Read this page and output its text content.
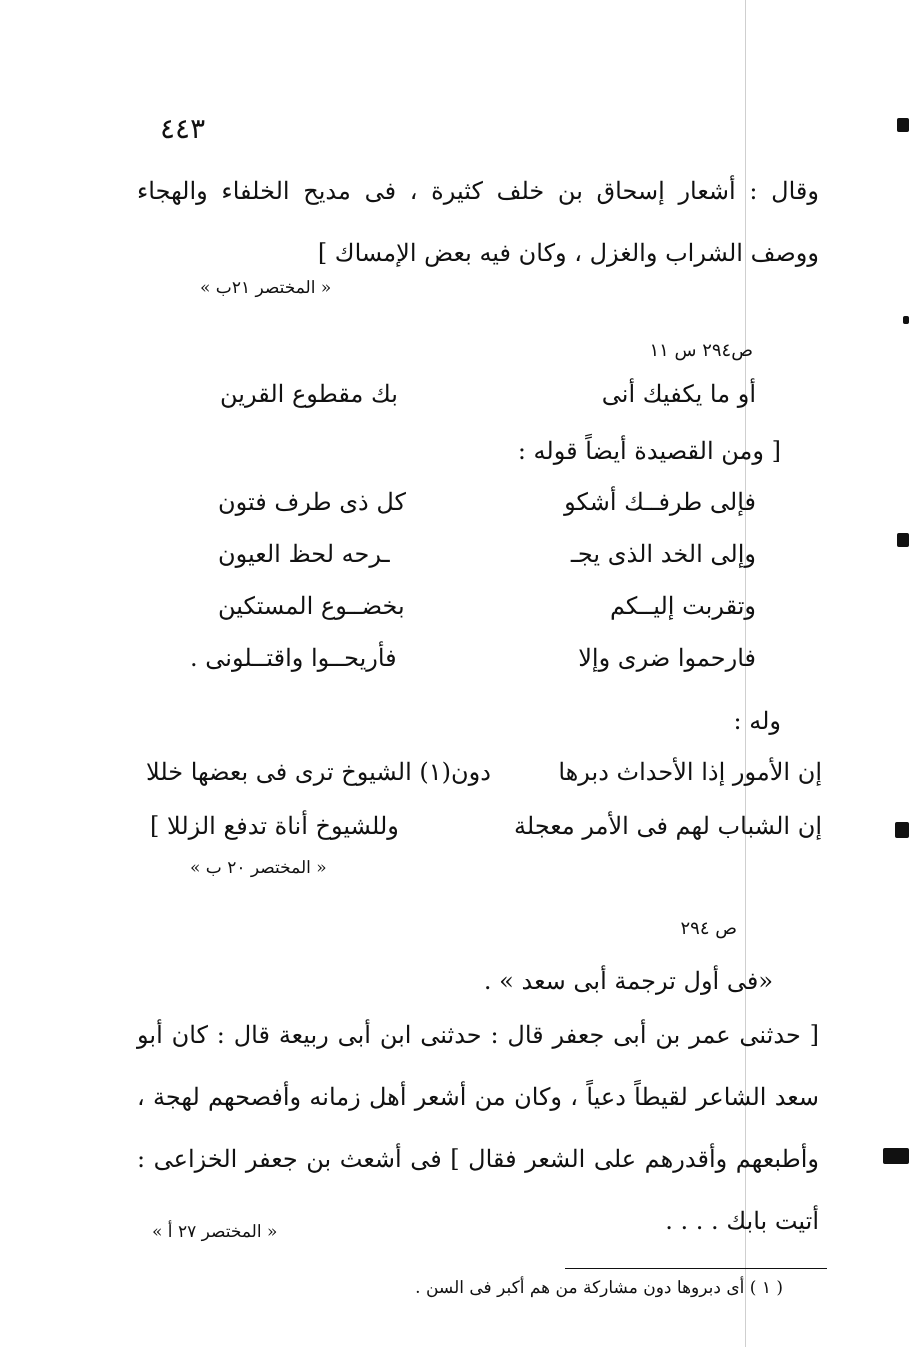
٤٤٣
وقال : أشعار إسحاق بن خلف كثيرة ، فى مديح الخلفاء والهجاء ووصف الشراب والغزل ، وكان فيه بعض الإمساك ]
« المختصر ٢١ب »
ص٢٩٤ س ١١
أو ما يكفيك أنى
بك مقطوع القرين
[ ومن القصيدة أيضاً قوله :
فإلى طرفــك أشكو
كل ذى طرف فتون
وإلى الخد الذى يجـ
ـرحه لحظ العيون
وتقربت إليــكم
بخضــوع المستكين
فارحموا ضرى وإلا
فأريحــوا واقتــلونى .
وله :
إن الأمور إذا الأحداث دبرها
دون(١) الشيوخ ترى فى بعضها خللا
إن الشباب لهم فى الأمر معجلة
وللشيوخ أناة تدفع الزللا ]
« المختصر ٢٠ ب »
ص ٢٩٤
«فى أول ترجمة أبى سعد » .
[ حدثنى عمر بن أبى جعفر قال : حدثنى ابن أبى ربيعة قال : كان أبو سعد الشاعر لقيطاً دعياً ، وكان من أشعر أهل زمانه وأفصحهم لهجة ، وأطبعهم وأقدرهم على الشعر فقال ] فى أشعث بن جعفر الخزاعى : أتيت بابك . . . .
« المختصر ٢٧ أ »
( ١ ) أى دبروها دون مشاركة من هم أكبر فى السن .
